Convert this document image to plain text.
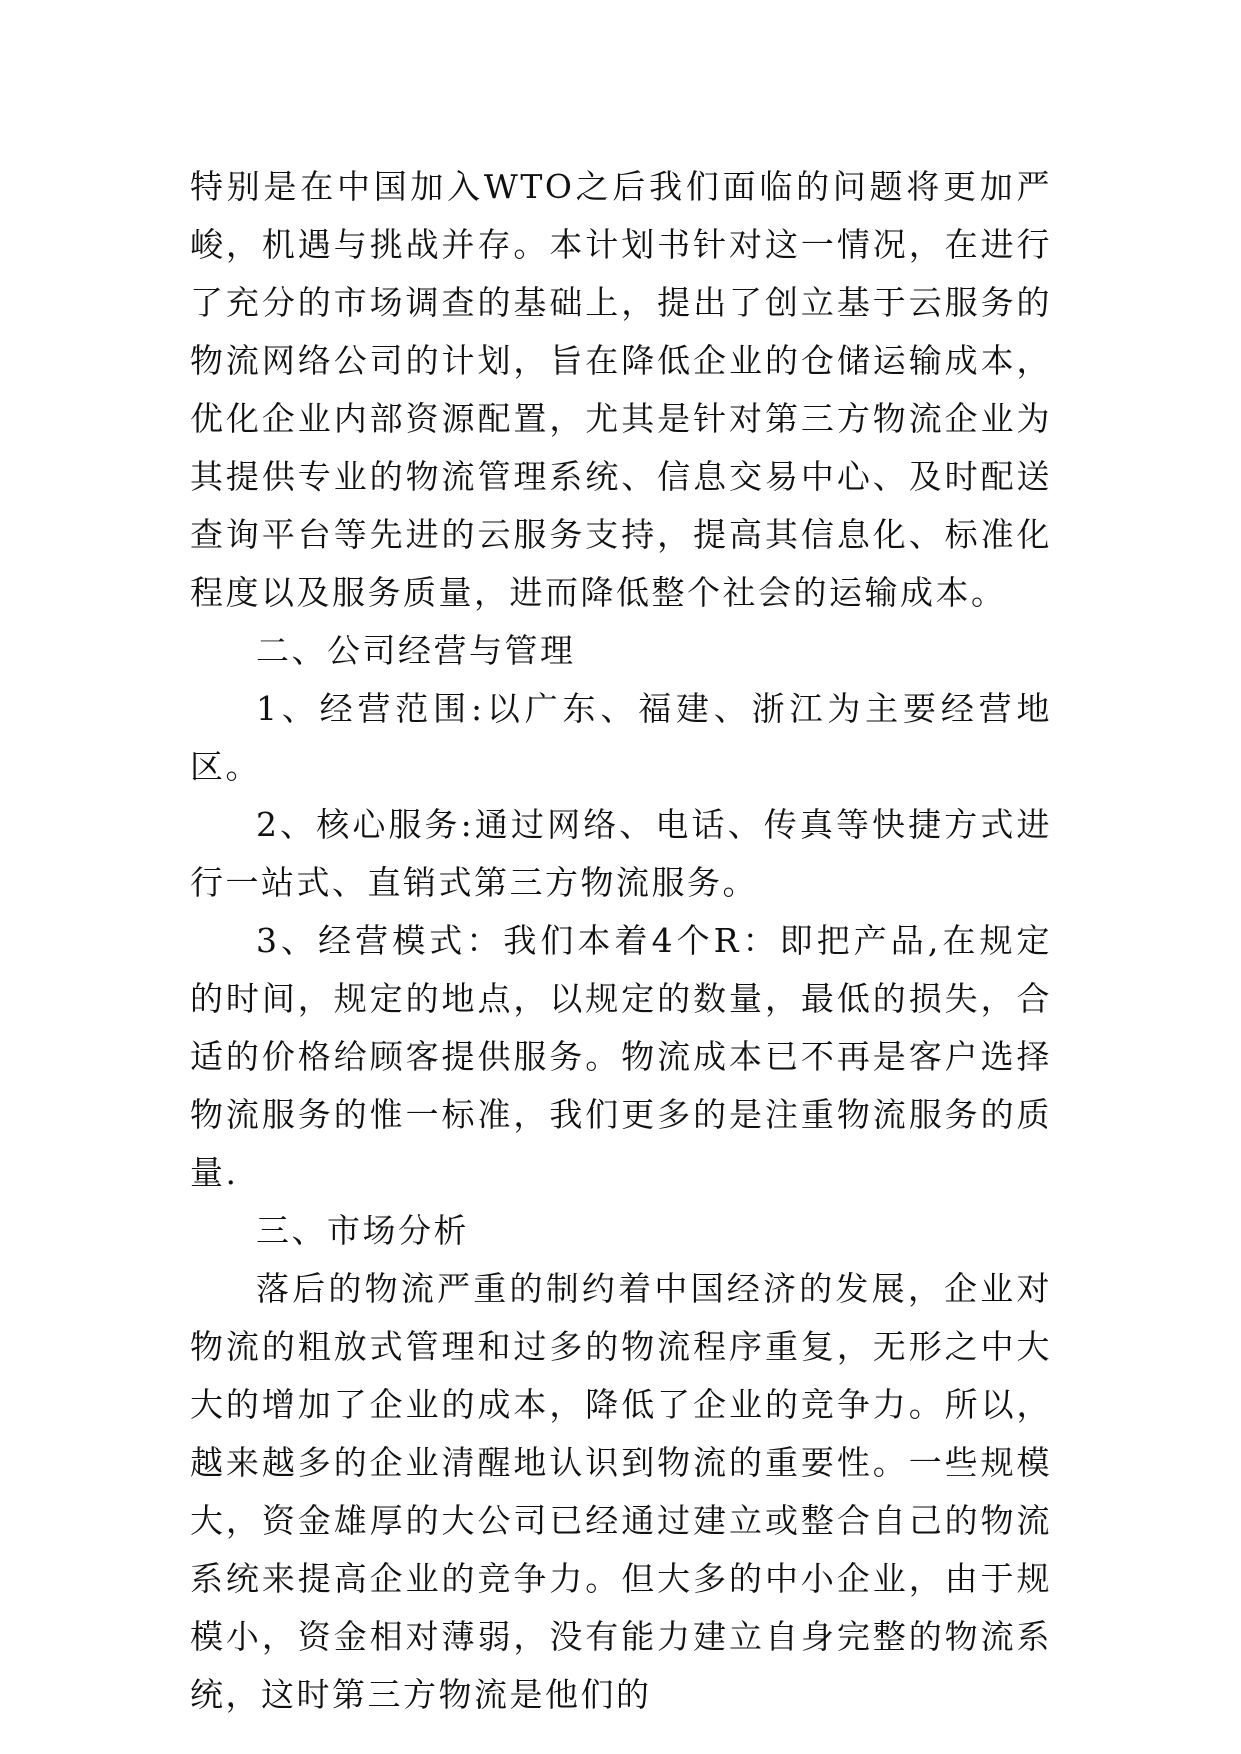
特别是在中国加入WTO之后我们面临的问题将更加严峻，机遇与挑战并存。本计划书针对这一情况，在进行了充分的市场调查的基础上，提出了创立基于云服务的物流网络公司的计划，旨在降低企业的仓储运输成本，优化企业内部资源配置，尤其是针对第三方物流企业为其提供专业的物流管理系统、信息交易中心、及时配送查询平台等先进的云服务支持，提高其信息化、标准化程度以及服务质量，进而降低整个社会的运输成本。

二、公司经营与管理

1、经营范围:以广东、福建、浙江为主要经营地区。

2、核心服务:通过网络、电话、传真等快捷方式进行一站式、直销式第三方物流服务。

3、经营模式：我们本着4个R：即把产品,在规定的时间，规定的地点，以规定的数量，最低的损失，合适的价格给顾客提供服务。物流成本已不再是客户选择物流服务的惟一标准，我们更多的是注重物流服务的质量.

三、市场分析

落后的物流严重的制约着中国经济的发展，企业对物流的粗放式管理和过多的物流程序重复，无形之中大大的增加了企业的成本，降低了企业的竞争力。所以，越来越多的企业清醒地认识到物流的重要性。一些规模大，资金雄厚的大公司已经通过建立或整合自己的物流系统来提高企业的竞争力。但大多的中小企业，由于规模小，资金相对薄弱，没有能力建立自身完整的物流系统，这时第三方物流是他们的
